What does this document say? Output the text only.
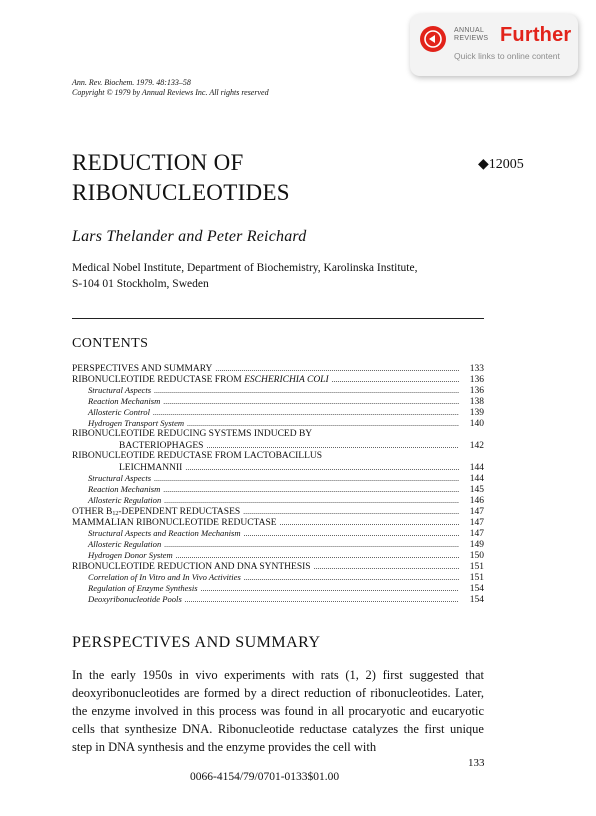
ANNUAL
REVIEWS Further
Quick links to online content
Ann. Rev. Biochem. 1979. 48:133–58
Copyright © 1979 by Annual Reviews Inc. All rights reserved
REDUCTION OF
RIBONUCLEOTIDES
◆12005
Lars Thelander and Peter Reichard
Medical Nobel Institute, Department of Biochemistry, Karolinska Institute,
S-104 01 Stockholm, Sweden
CONTENTS
PERSPECTIVES AND SUMMARY .....	133
RIBONUCLEOTIDE REDUCTASE FROM ESCHERICHIA COLI .....	136
Structural Aspects .....	136
Reaction Mechanism .....	138
Allosteric Control .....	139
Hydrogen Transport System .....	140
RIBONUCLEOTIDE REDUCING SYSTEMS INDUCED BY
BACTERIOPHAGES .....	142
RIBONUCLEOTIDE REDUCTASE FROM LACTOBACILLUS
LEICHMANNII .....	144
Structural Aspects .....	144
Reaction Mechanism .....	145
Allosteric Regulation .....	146
OTHER $B_{12}$-DEPENDENT REDUCTASES .....	147
MAMMALIAN RIBONUCLEOTIDE REDUCTASE .....	147
Structural Aspects and Reaction Mechanism .....	147
Allosteric Regulation .....	149
Hydrogen Donor System .....	150
RIBONUCLEOTIDE REDUCTION AND DNA SYNTHESIS .....	151
Correlation of In Vitro and In Vivo Activities .....	151
Regulation of Enzyme Synthesis .....	154
Deoxyribonucleotide Pools .....	154
PERSPECTIVES AND SUMMARY
In the early 1950s in vivo experiments with rats (1, 2) first suggested that deoxyribonucleotides are formed by a direct reduction of ribonucleotides. Later, the enzyme involved in this process was found in all procaryotic and eucaryotic cells that synthesize DNA. Ribonucleotide reductase catalyzes the first unique step in DNA synthesis and the enzyme provides the cell with
133
0066-4154/79/0701-0133$01.00
